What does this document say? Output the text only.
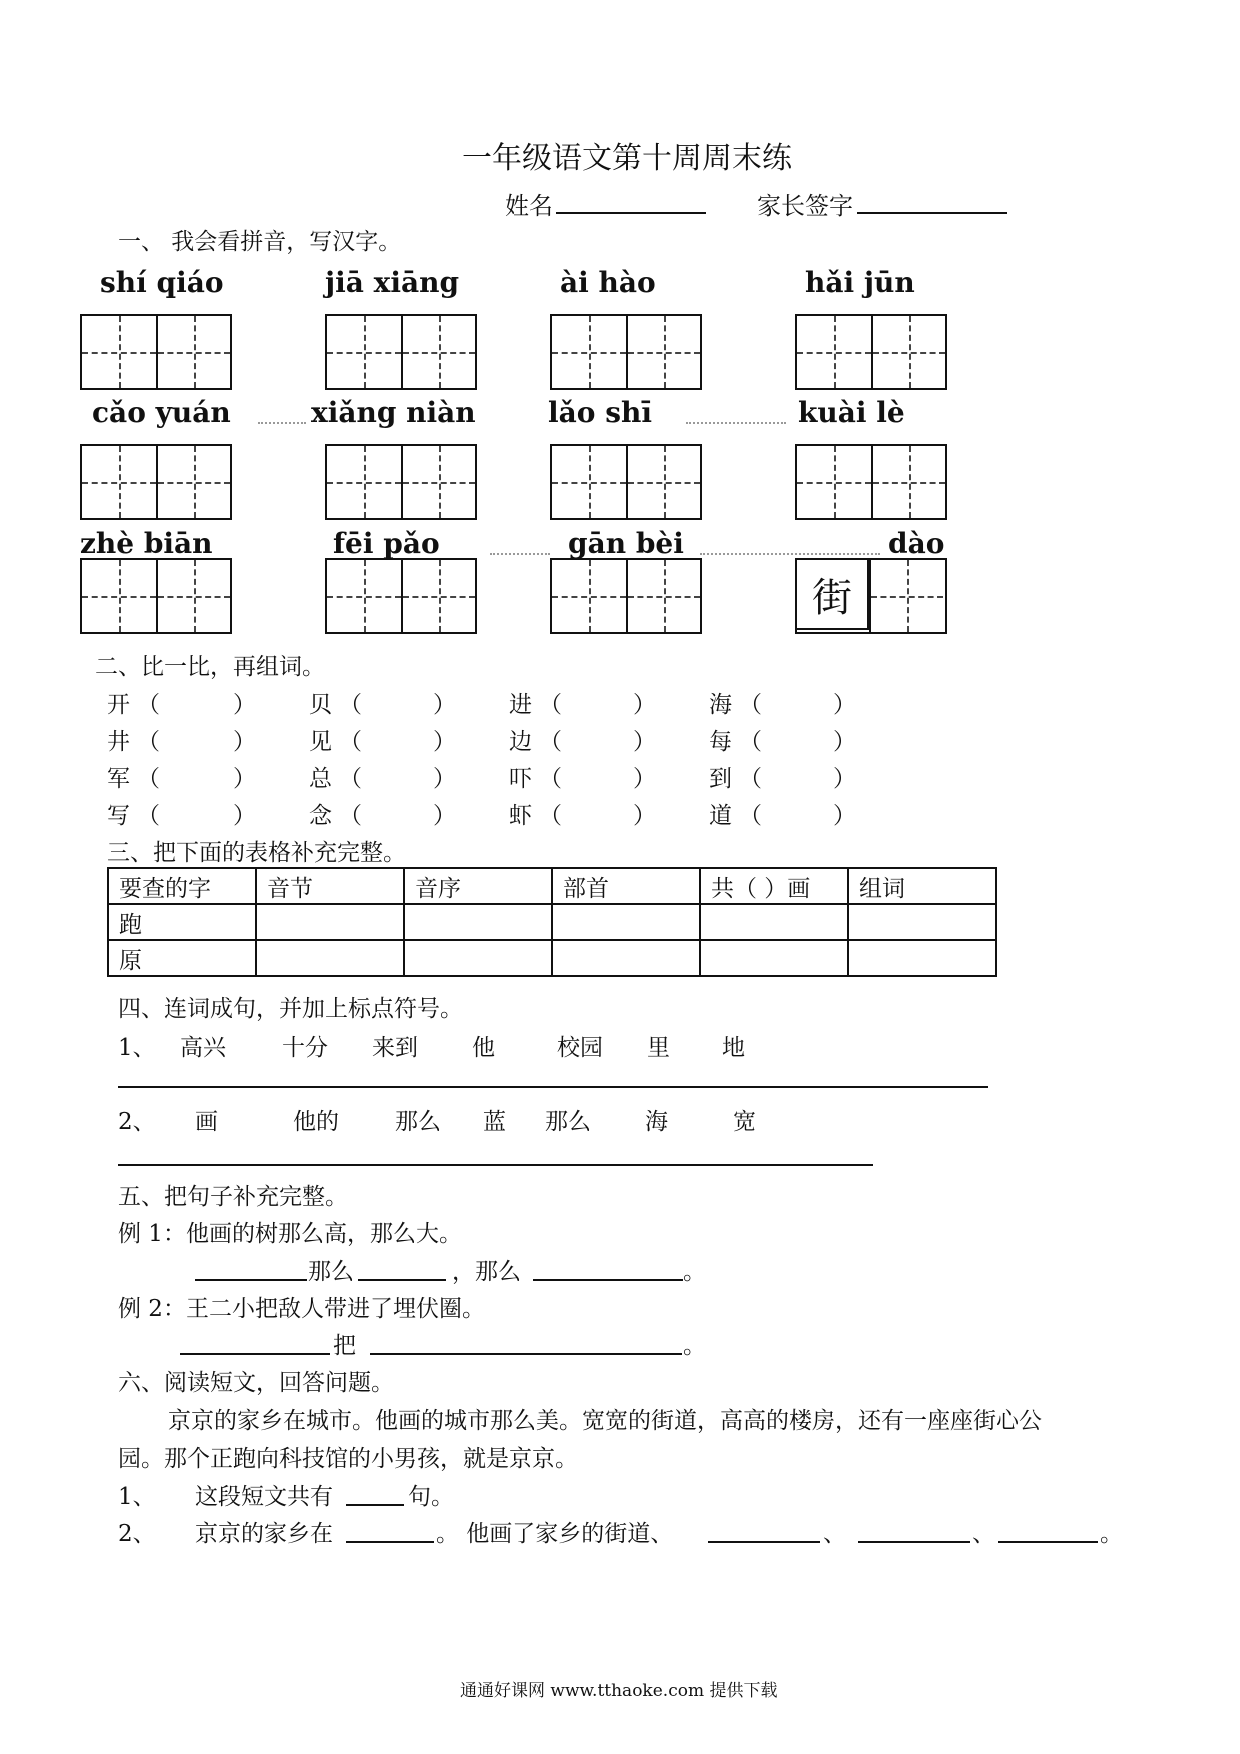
一年级语文第十周周末练
姓名	家长签字
一、 我会看拼音，写汉字。
shí qiáo	jiā xiāng	ài hào	hǎi jūn
cǎo yuán	xiǎng niàn	lǎo shī	kuài lè
zhè biān	fēi pǎo	gān bèi	dào
街
二、比一比，再组词。
开 （	） 贝 （	） 进 （	） 海 （	）
井 （	） 见 （	） 边 （	） 每 （	）
军 （	） 总 （	） 吓 （	） 到 （	）
写 （	） 念 （	） 虾 （	） 道 （	）
三、把下面的表格补充完整。
要查的字	音节	音序	部首	共（ ）画	组词
跑					
原					
四、连词成句，并加上标点符号。
1、 高兴 十分 来到 他	校园 里 地
2、 画	他的 那么 蓝 那么 海	宽
五、把句子补充完整。
例 1：他画的树那么高，那么大。
那么	，那么	。
例 2：王二小把敌人带进了埋伏圈。
把	。
六、阅读短文，回答问题。
京京的家乡在城市。他画的城市那么美。宽宽的街道，高高的楼房，还有一座座街心公
园。那个正跑向科技馆的小男孩，就是京京。
1、 这段短文共有	句。
2、 京京的家乡在	。 他画了家乡的街道、	、	、	。
通通好课网 www.tthaoke.com 提供下载
